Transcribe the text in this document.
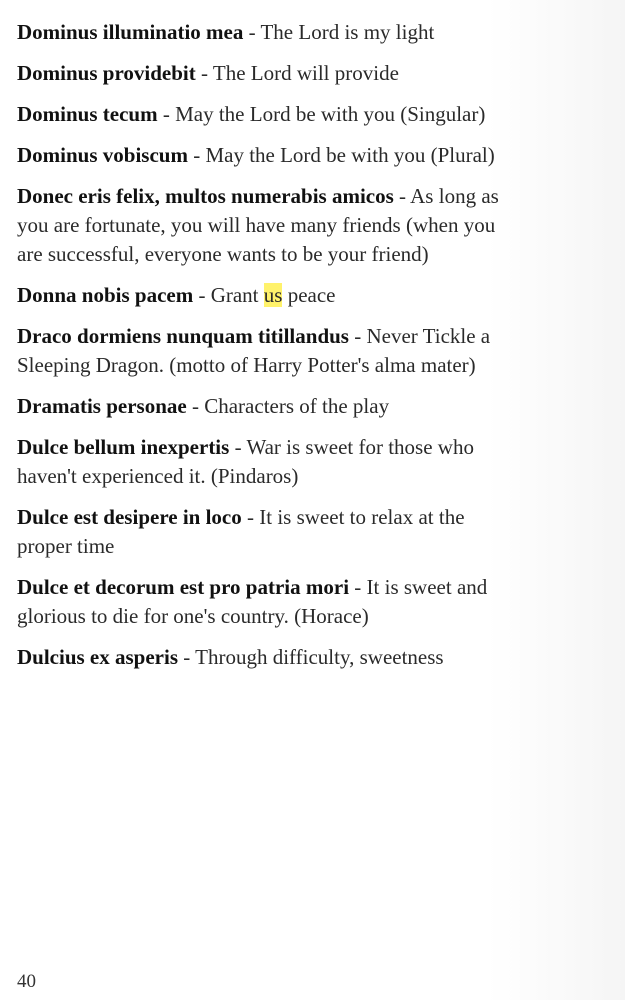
Dominus illuminatio mea - The Lord is my light

Dominus providebit - The Lord will provide

Dominus tecum - May the Lord be with you (Singular)

Dominus vobiscum - May the Lord be with you (Plural)

Donec eris felix, multos numerabis amicos - As long as you are fortunate, you will have many friends (when you are successful, everyone wants to be your friend)

Donna nobis pacem - Grant us peace

Draco dormiens nunquam titillandus - Never Tickle a Sleeping Dragon. (motto of Harry Potter's alma mater)

Dramatis personae - Characters of the play

Dulce bellum inexpertis - War is sweet for those who haven't experienced it. (Pindaros)

Dulce est desipere in loco - It is sweet to relax at the proper time

Dulce et decorum est pro patria mori - It is sweet and glorious to die for one's country. (Horace)

Dulcius ex asperis - Through difficulty, sweetness

40
